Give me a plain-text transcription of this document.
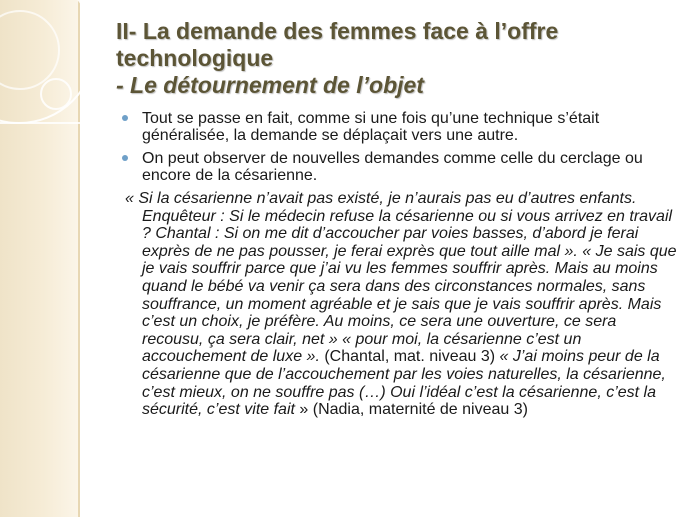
II- La demande des femmes face à l’offre
technologique
- Le détournement de l’objet
Tout se passe en fait, comme si une fois qu’une technique s’était généralisée, la demande se déplaçait vers une autre.
On peut observer de nouvelles demandes comme celle du cerclage ou encore de la césarienne.
« Si la césarienne n’avait pas existé, je n’aurais pas eu d’autres enfants. Enquêteur : Si le médecin refuse la césarienne ou si vous arrivez en travail ? Chantal : Si on me dit d’accoucher par voies basses, d’abord je ferai exprès de ne pas pousser, je ferai exprès que tout aille mal ». « Je sais que je vais souffrir parce que j’ai vu les femmes souffrir après. Mais au moins quand le bébé va venir ça sera dans des circonstances normales, sans souffrance, un moment agréable et je sais que je vais souffrir après. Mais c’est un choix, je préfère. Au moins, ce sera une ouverture, ce sera recousu, ça sera clair, net » « pour moi, la césarienne c’est un accouchement de luxe ». (Chantal, mat. niveau 3) « J’ai moins peur de la césarienne que de l’accouchement par les voies naturelles, la césarienne, c’est mieux, on ne souffre pas (…) Oui l’idéal c’est la césarienne, c’est la sécurité, c’est vite fait » (Nadia, maternité de niveau 3)
